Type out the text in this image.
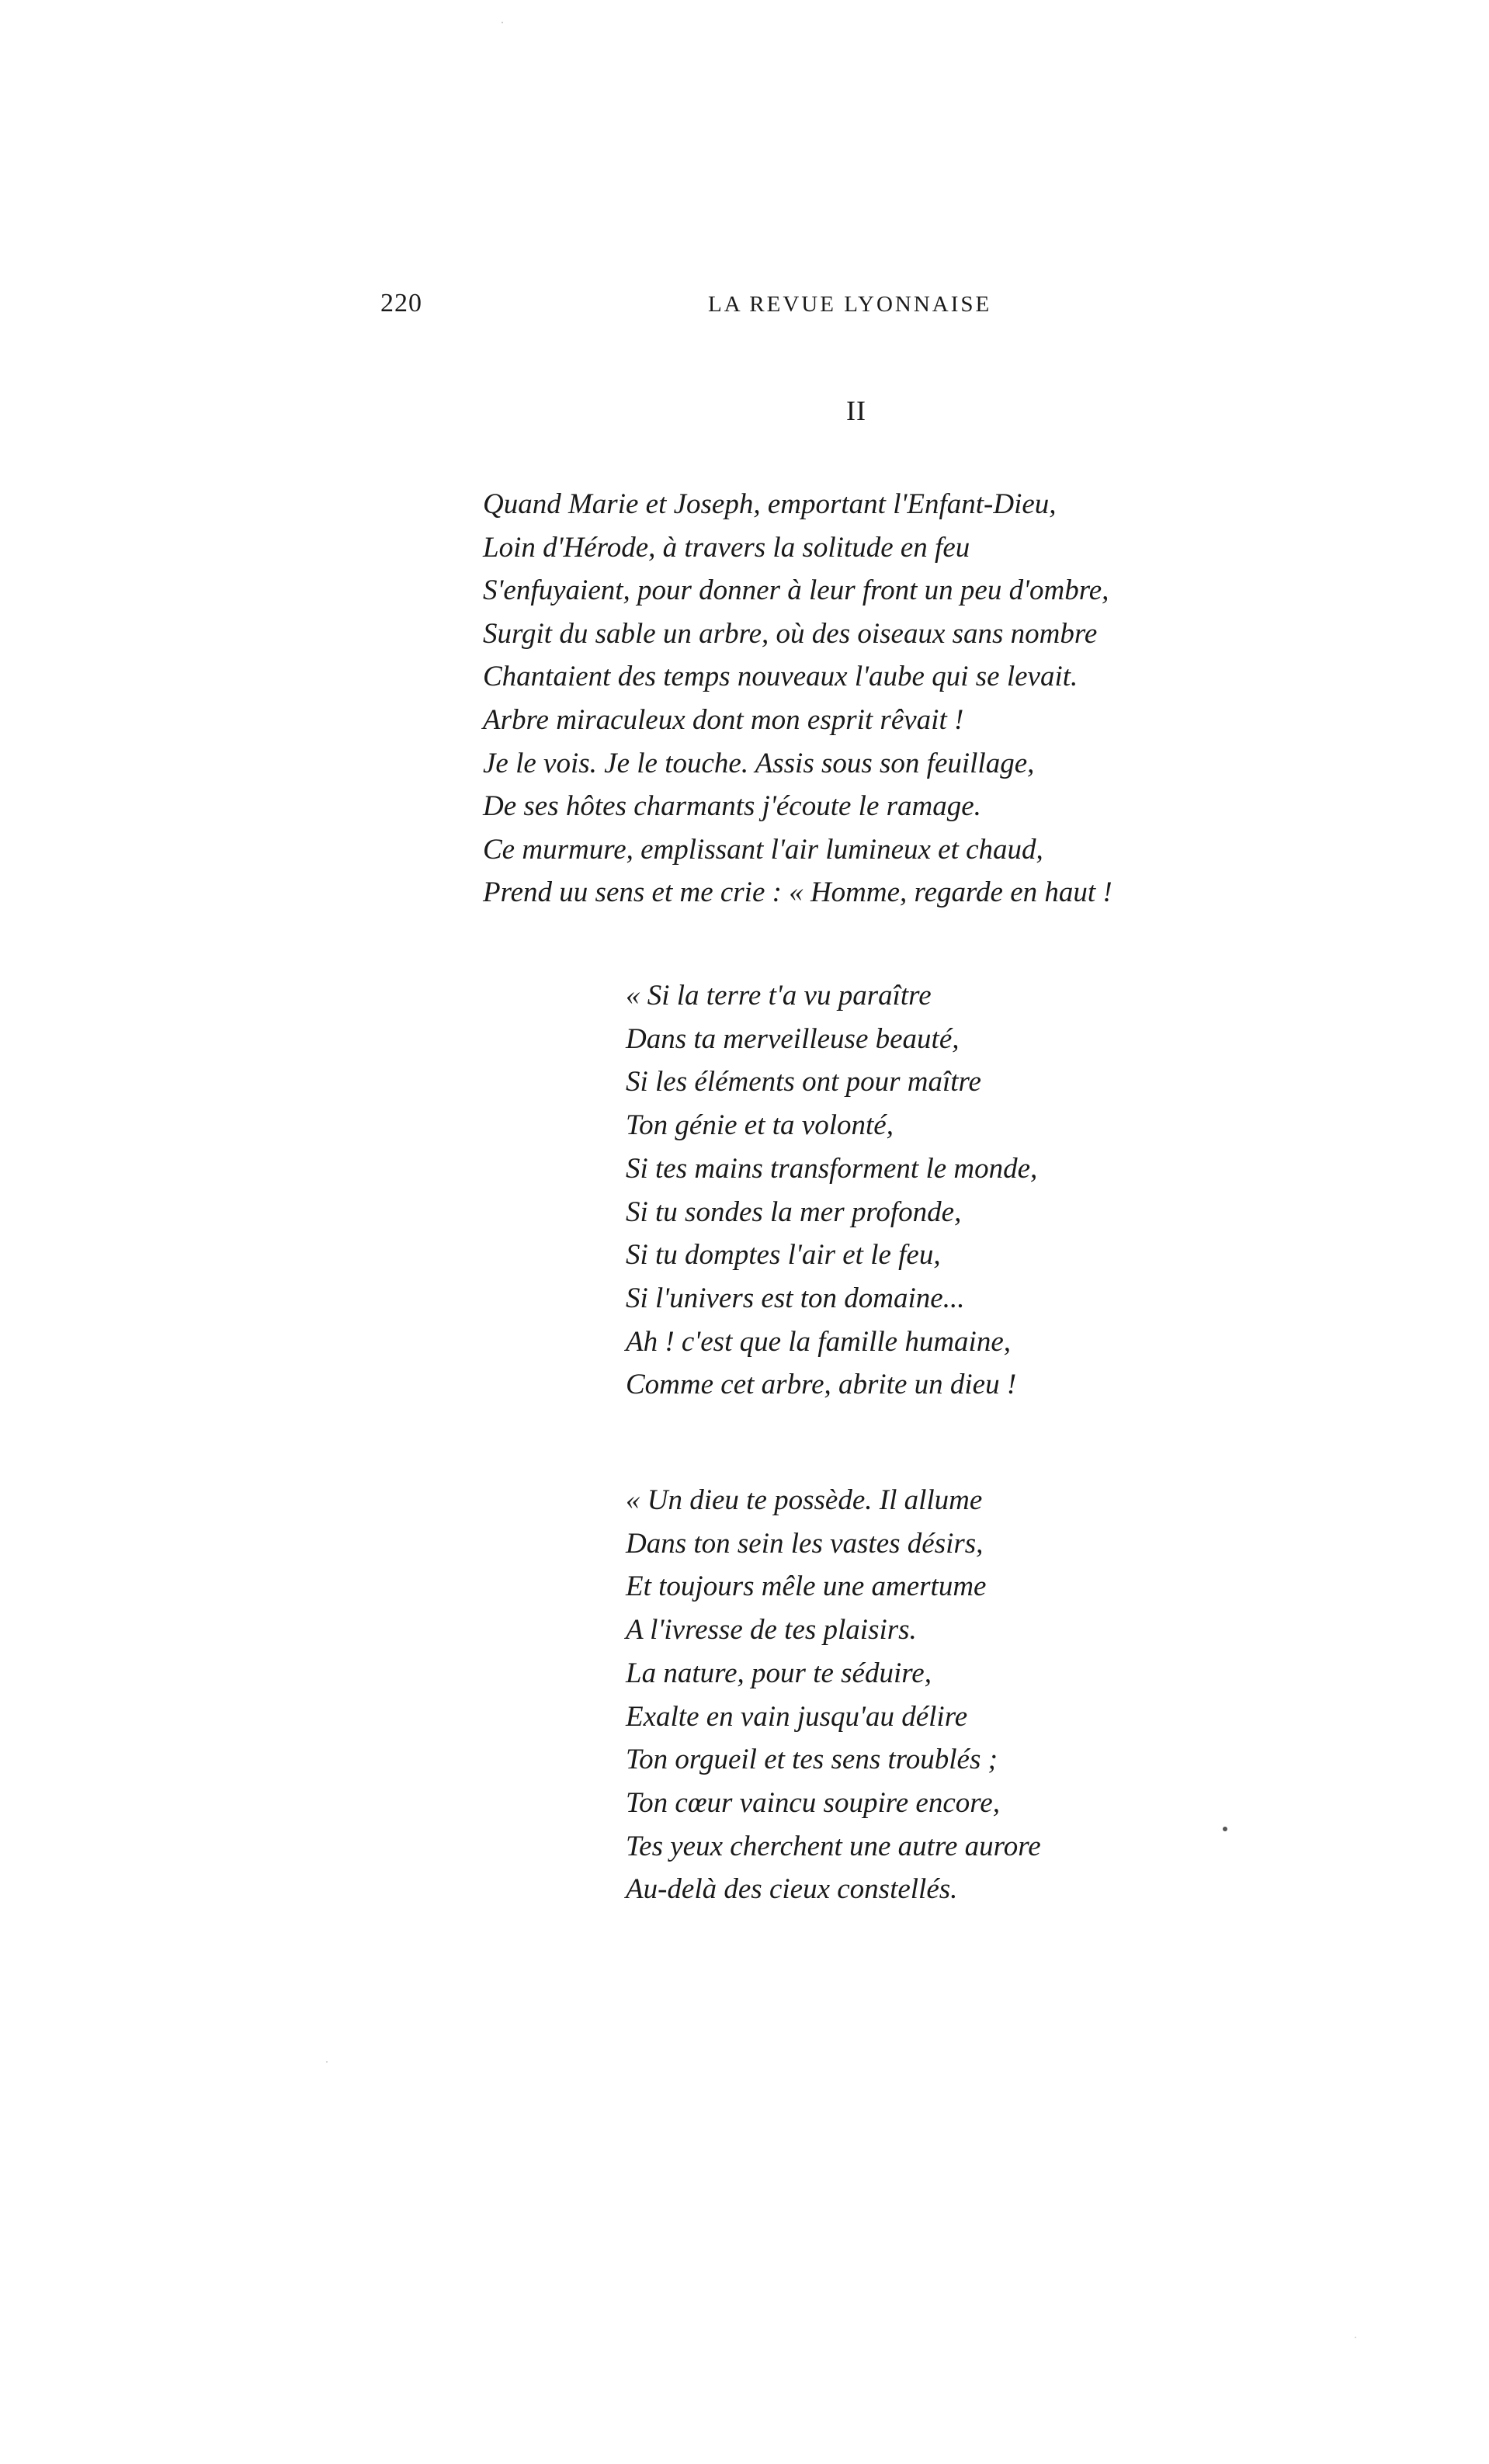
220	LA REVUE LYONNAISE
II
Quand Marie et Joseph, emportant l'Enfant-Dieu,
Loin d'Hérode, à travers la solitude en feu
S'enfuyaient, pour donner à leur front un peu d'ombre,
Surgit du sable un arbre, où des oiseaux sans nombre
Chantaient des temps nouveaux l'aube qui se levait.
Arbre miraculeux dont mon esprit rêvait !
Je le vois. Je le touche. Assis sous son feuillage,
De ses hôtes charmants j'écoute le ramage.
Ce murmure, emplissant l'air lumineux et chaud,
Prend uu sens et me crie : « Homme, regarde en haut !
« Si la terre t'a vu paraître
Dans ta merveilleuse beauté,
Si les éléments ont pour maître
Ton génie et ta volonté,
Si tes mains transforment le monde,
Si tu sondes la mer profonde,
Si tu domptes l'air et le feu,
Si l'univers est ton domaine...
Ah ! c'est que la famille humaine,
Comme cet arbre, abrite un dieu !
« Un dieu te possède. Il allume
Dans ton sein les vastes désirs,
Et toujours mêle une amertume
A l'ivresse de tes plaisirs.
La nature, pour te séduire,
Exalte en vain jusqu'au délire
Ton orgueil et tes sens troublés ;
Ton cœur vaincu soupire encore,
Tes yeux cherchent une autre aurore
Au-delà des cieux constellés.
